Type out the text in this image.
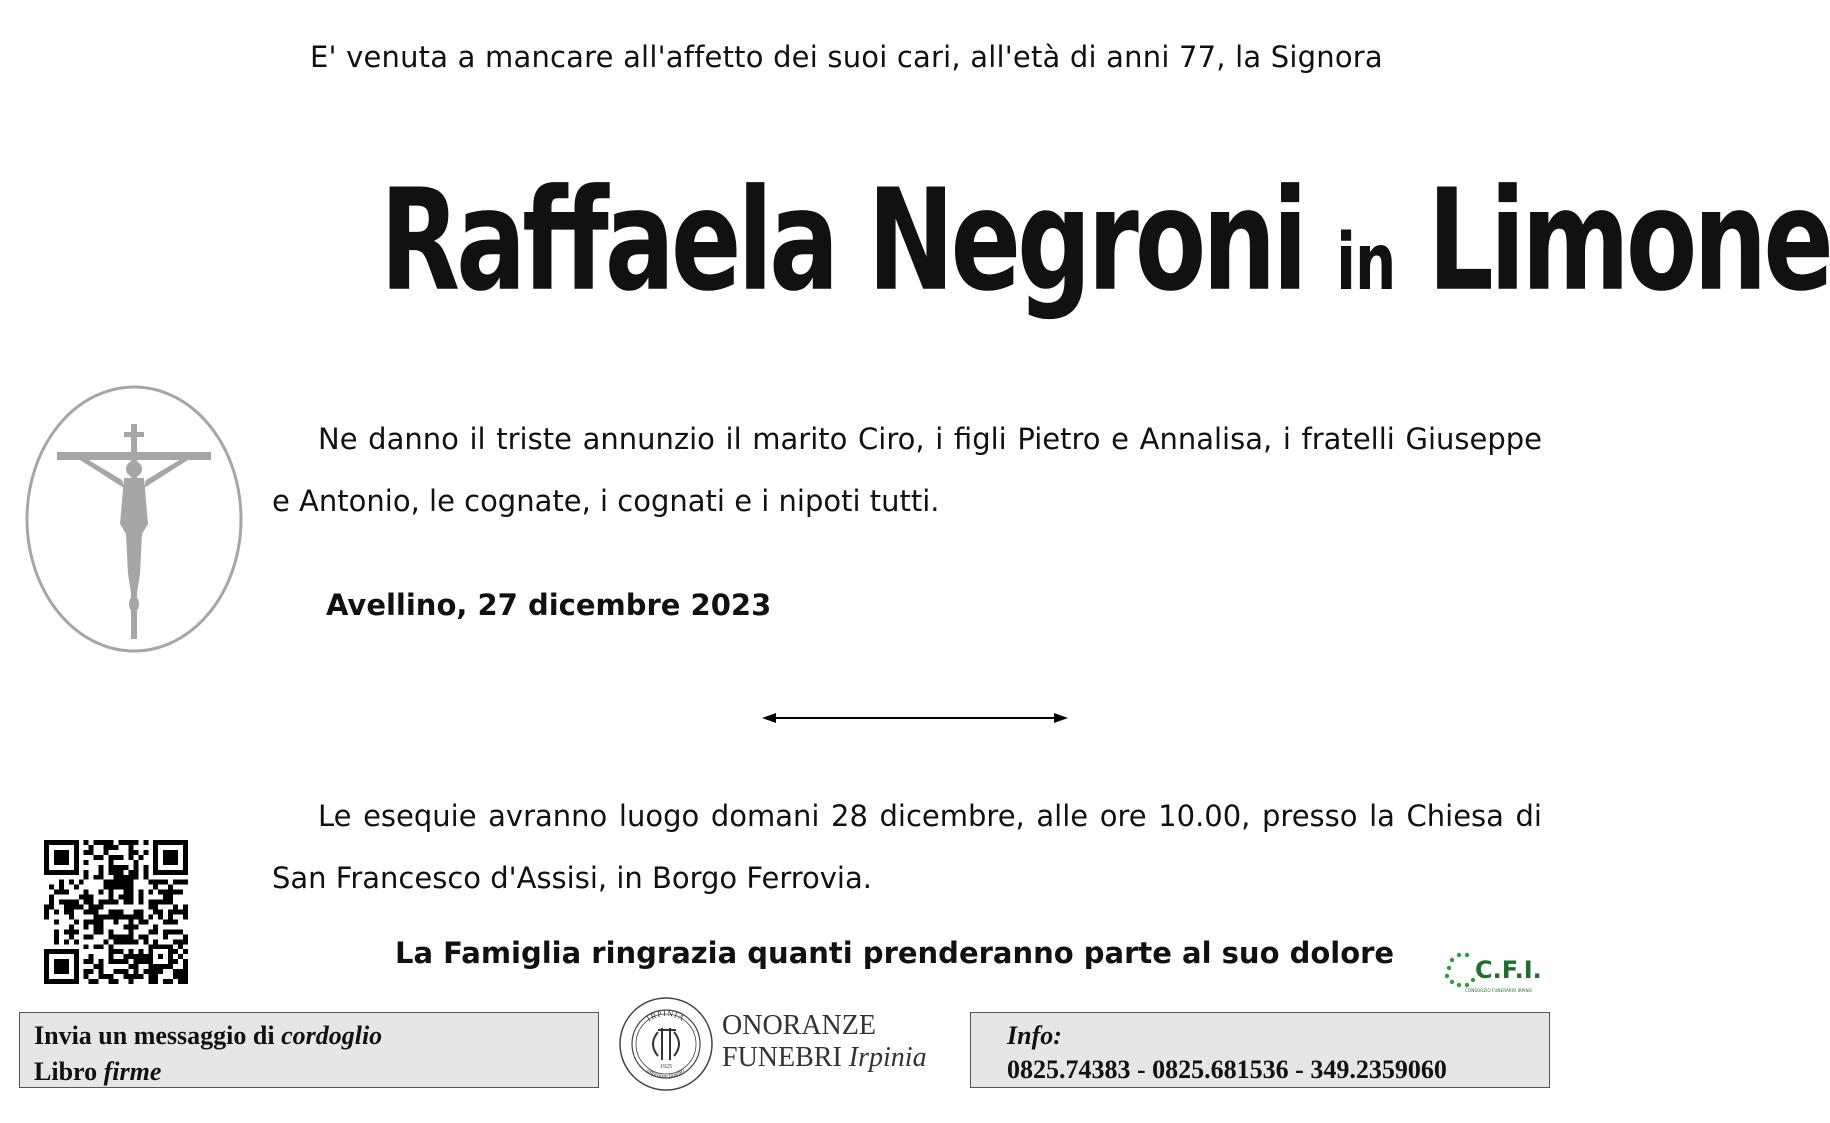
E' venuta a mancare all'affetto dei suoi cari, all'età di anni 77, la Signora
Raffaela Negroni in Limone
Ne danno il triste annunzio il marito Ciro, i figli Pietro e Annalisa, i fratelli Giuseppe e Antonio, le cognate, i cognati e i nipoti tutti.
Avellino, 27 dicembre 2023
Le esequie avranno luogo domani 28 dicembre, alle ore 10.00, presso la Chiesa di San Francesco d'Assisi, in Borgo Ferrovia.
La Famiglia ringrazia quanti prenderanno parte al suo dolore	C.F.I.
CONSORZIO FUNERARIO IRPINO
Invia un messaggio di cordoglio
Libro firme
IRPINIA
onoranze funebri
1925
ONORANZE
FUNEBRI Irpinia
Info:
0825.74383 - 0825.681536 - 349.2359060
